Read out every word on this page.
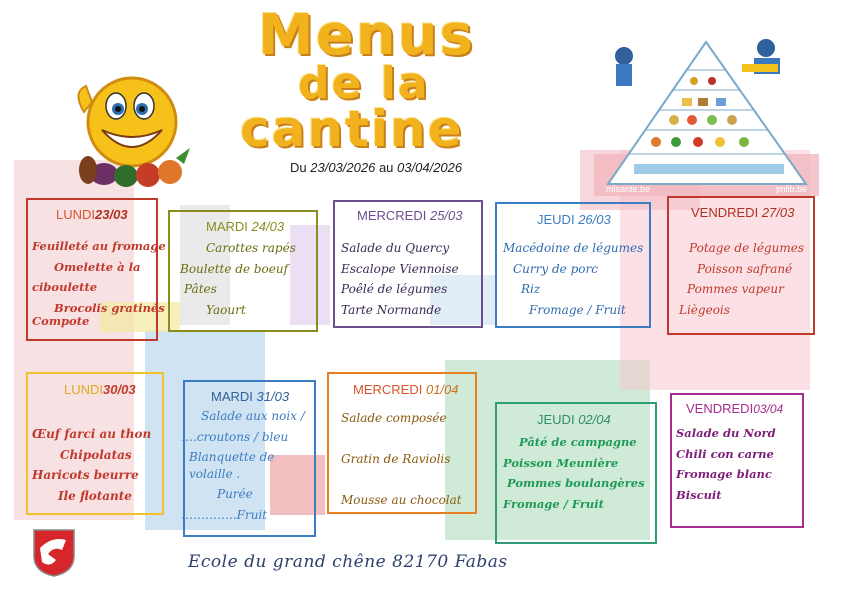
Menus
de la
cantine
mlsante.be	jmlib.be
Du 23/03/2026 au 03/04/2026
LUNDI23/03
Feuilleté au fromage
Omelette à la
ciboulette
Brocolis gratinés
Compote
MARDI 24/03
Carottes rapés
Boulette de boeuf
Pâtes
Yaourt
MERCREDI 25/03
Salade du Quercy
Escalope Viennoise
Poêlé de légumes
Tarte Normande
JEUDI 26/03
Macédoine de légumes
Curry de porc
Riz
Fromage / Fruit
VENDREDI 27/03
Potage de légumes
Poisson safrané
Pommes vapeur
Liègeois
LUNDI30/03
Œuf farci au thon
Chipolatas
Haricots beurre
Ile flotante
MARDI 31/03
Salade aux noix /
….croutons / bleu
Blanquette de
volaille .
Purée
…………..Fruit
MERCREDI 01/04
Salade composée
Gratin de Raviolis
Mousse au chocolat
JEUDI 02/04
Pâté de campagne
Poisson Meunière
Pommes boulangères
Fromage / Fruit
VENDREDI03/04
Salade du Nord
Chili con carne
Fromage blanc
Biscuit
Ecole du grand chêne 82170 Fabas
